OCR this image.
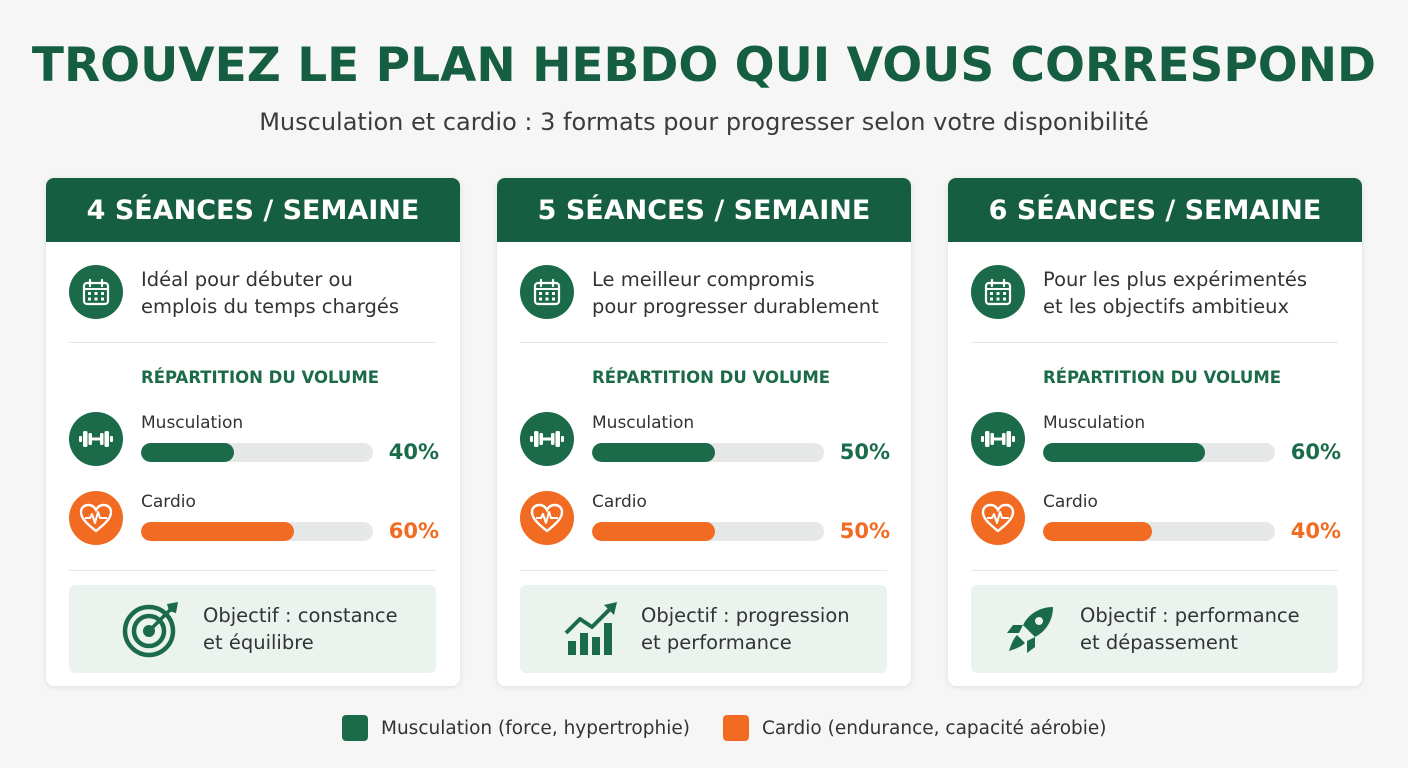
TROUVEZ LE PLAN HEBDO QUI VOUS CORRESPOND
Musculation et cardio : 3 formats pour progresser selon votre disponibilité
4 SÉANCES / SEMAINE
Idéal pour débuter ou
emplois du temps chargés
RÉPARTITION DU VOLUME
Musculation
40%
Cardio
60%
Objectif : constance
et équilibre
5 SÉANCES / SEMAINE
Le meilleur compromis
pour progresser durablement
RÉPARTITION DU VOLUME
Musculation
50%
Cardio
50%
Objectif : progression
et performance
6 SÉANCES / SEMAINE
Pour les plus expérimentés
et les objectifs ambitieux
RÉPARTITION DU VOLUME
Musculation
60%
Cardio
40%
Objectif : performance
et dépassement
Musculation (force, hypertrophie)	Cardio (endurance, capacité aérobie)
